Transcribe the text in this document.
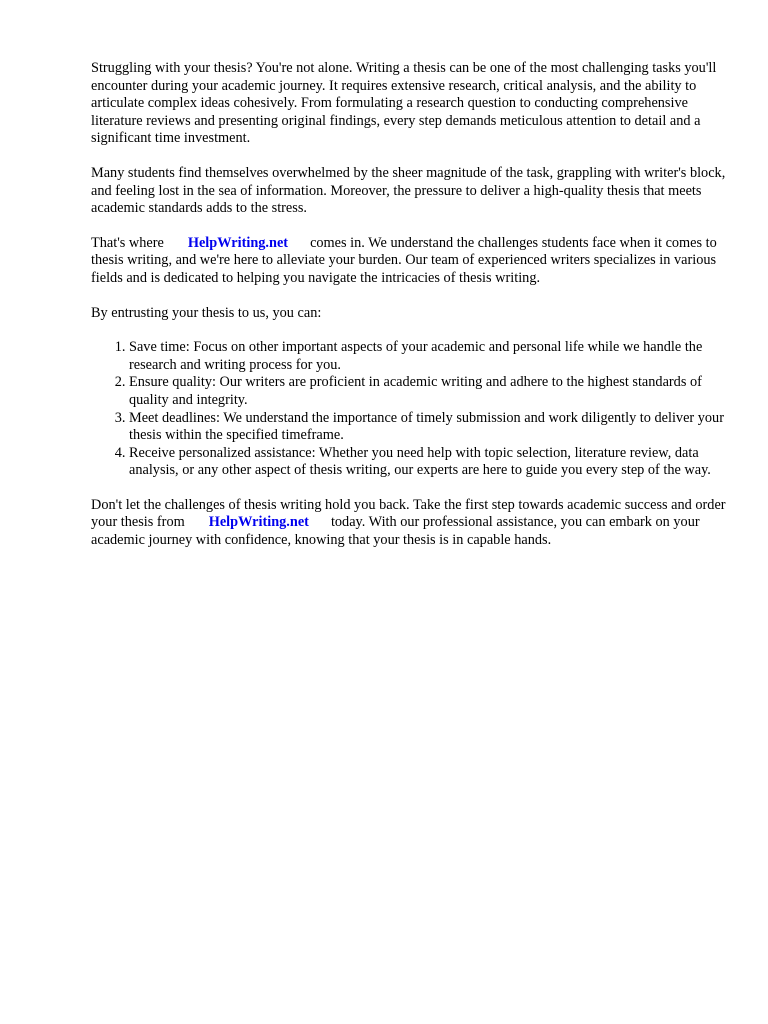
Struggling with your thesis? You're not alone. Writing a thesis can be one of the most challenging tasks you'll encounter during your academic journey. It requires extensive research, critical analysis, and the ability to articulate complex ideas cohesively. From formulating a research question to conducting comprehensive literature reviews and presenting original findings, every step demands meticulous attention to detail and a significant time investment.

Many students find themselves overwhelmed by the sheer magnitude of the task, grappling with writer's block, and feeling lost in the sea of information. Moreover, the pressure to deliver a high-quality thesis that meets academic standards adds to the stress.

That's where HelpWriting.net comes in. We understand the challenges students face when it comes to thesis writing, and we're here to alleviate your burden. Our team of experienced writers specializes in various fields and is dedicated to helping you navigate the intricacies of thesis writing.

By entrusting your thesis to us, you can:

1. Save time: Focus on other important aspects of your academic and personal life while we handle the research and writing process for you.
2. Ensure quality: Our writers are proficient in academic writing and adhere to the highest standards of quality and integrity.
3. Meet deadlines: We understand the importance of timely submission and work diligently to deliver your thesis within the specified timeframe.
4. Receive personalized assistance: Whether you need help with topic selection, literature review, data analysis, or any other aspect of thesis writing, our experts are here to guide you every step of the way.

Don't let the challenges of thesis writing hold you back. Take the first step towards academic success and order your thesis from HelpWriting.net today. With our professional assistance, you can embark on your academic journey with confidence, knowing that your thesis is in capable hands.
